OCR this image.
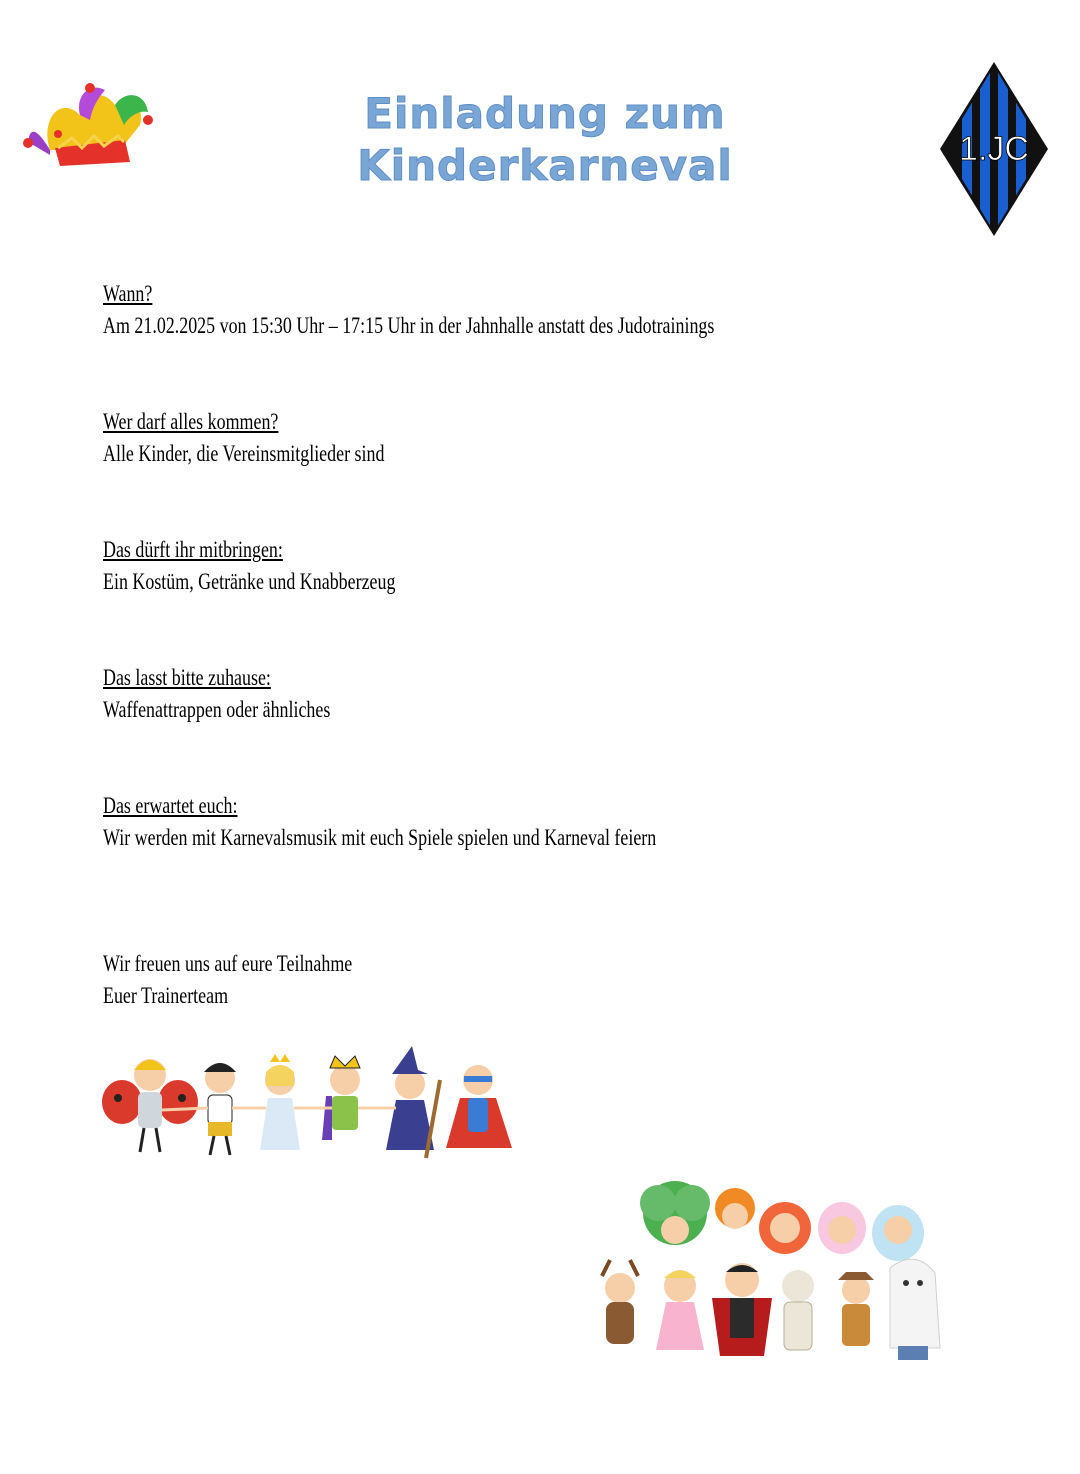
Einladung zum
Kinderkarneval	1.JC
Wann?
Am 21.02.2025 von 15:30 Uhr – 17:15 Uhr in der Jahnhalle anstatt des Judotrainings
Wer darf alles kommen?
Alle Kinder, die Vereinsmitglieder sind
Das dürft ihr mitbringen:
Ein Kostüm, Getränke und Knabberzeug
Das lasst bitte zuhause:
Waffenattrappen oder ähnliches
Das erwartet euch:
Wir werden mit Karnevalsmusik mit euch Spiele spielen und Karneval feiern
Wir freuen uns auf eure Teilnahme
Euer Trainerteam
